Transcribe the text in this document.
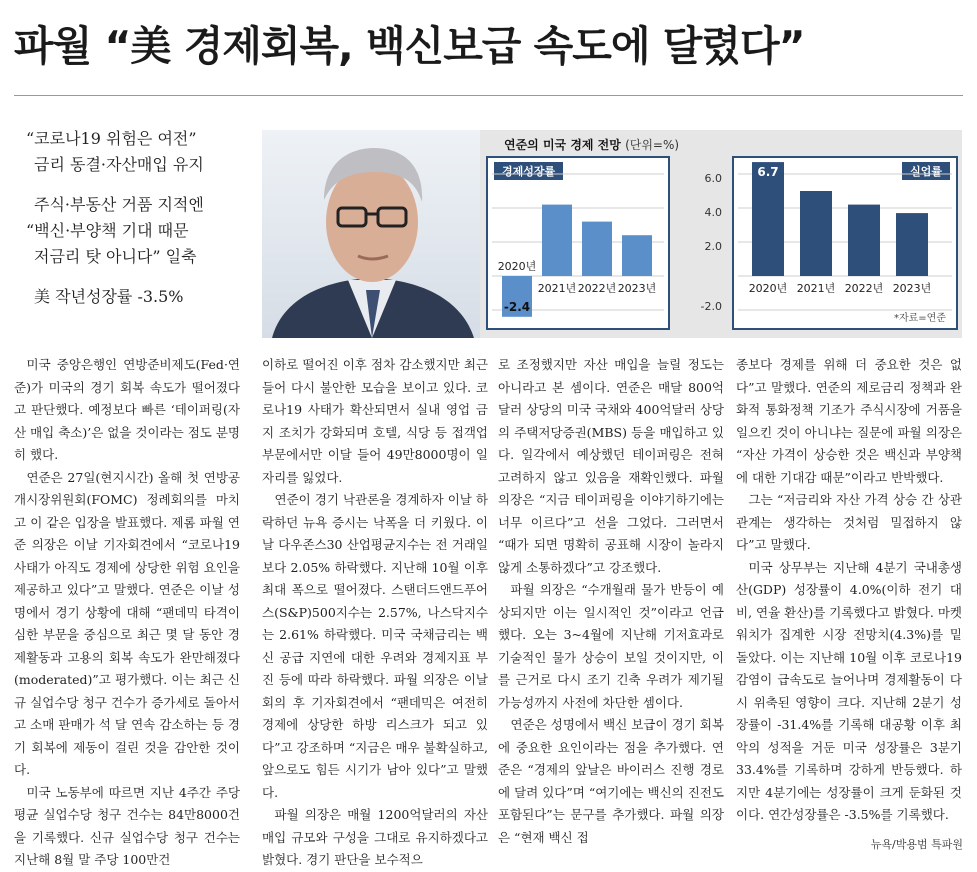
파월 “美 경제회복, 백신보급 속도에 달렸다”
“코로나19 위험은 여전”
금리 동결·자산매입 유지
주식·부동산 거품 지적엔
“백신·부양책 기대 때문
저금리 탓 아니다” 일축
美 작년성장률 -3.5%
연준의 미국 경제 전망 (단위=%)
경제성장률
2020년
-2.4
2021년 2022년 2023년
6.0
4.0
2.0
-2.0
실업률
2020년
6.7
2021년 2022년 2023년
*자료=연준

미국 중앙은행인 연방준비제도(Fed·연준)가 미국의 경기 회복 속도가 떨어졌다고 판단했다. 예정보다 빠른 ‘테이퍼링(자산 매입 축소)’은 없을 것이라는 점도 분명히 했다.

연준은 27일(현지시간) 올해 첫 연방공개시장위원회(FOMC) 정례회의를 마치고 이 같은 입장을 발표했다. 제롬 파월 연준 의장은 이날 기자회견에서 “코로나19 사태가 아직도 경제에 상당한 위험 요인을 제공하고 있다”고 말했다. 연준은 이날 성명에서 경기 상황에 대해 “팬데믹 타격이 심한 부문을 중심으로 최근 몇 달 동안 경제활동과 고용의 회복 속도가 완만해졌다(moderated)”고 평가했다. 이는 최근 신규 실업수당 청구 건수가 증가세로 돌아서고 소매 판매가 석 달 연속 감소하는 등 경기 회복에 제동이 걸린 것을 감안한 것이다.

미국 노동부에 따르면 지난 4주간 주당 평균 실업수당 청구 건수는 84만8000건을 기록했다. 신규 실업수당 청구 건수는 지난해 8월 말 주당 100만건

이하로 떨어진 이후 점차 감소했지만 최근 들어 다시 불안한 모습을 보이고 있다. 코로나19 사태가 확산되면서 실내 영업 금지 조치가 강화되며 호텔, 식당 등 접객업 부문에서만 이달 들어 49만8000명이 일자리를 잃었다.

연준이 경기 낙관론을 경계하자 이날 하락하던 뉴욕 증시는 낙폭을 더 키웠다. 이날 다우존스30 산업평균지수는 전 거래일보다 2.05% 하락했다. 지난해 10월 이후 최대 폭으로 떨어졌다. 스탠더드앤드푸어스(S&P)500지수는 2.57%, 나스닥지수는 2.61% 하락했다. 미국 국채금리는 백신 공급 지연에 대한 우려와 경제지표 부진 등에 따라 하락했다. 파월 의장은 이날 회의 후 기자회견에서 “팬데믹은 여전히 경제에 상당한 하방 리스크가 되고 있다”고 강조하며 “지금은 매우 불확실하고, 앞으로도 힘든 시기가 남아 있다”고 말했다.

파월 의장은 매월 1200억달러의 자산 매입 규모와 구성을 그대로 유지하겠다고 밝혔다. 경기 판단을 보수적으

로 조정했지만 자산 매입을 늘릴 정도는 아니라고 본 셈이다. 연준은 매달 800억달러 상당의 미국 국채와 400억달러 상당의 주택저당증권(MBS) 등을 매입하고 있다. 일각에서 예상했던 테이퍼링은 전혀 고려하지 않고 있음을 재확인했다. 파월 의장은 “지금 테이퍼링을 이야기하기에는 너무 이르다”고 선을 그었다. 그러면서 “때가 되면 명확히 공표해 시장이 놀라지 않게 소통하겠다”고 강조했다.

파월 의장은 “수개월래 물가 반등이 예상되지만 이는 일시적인 것”이라고 언급했다. 오는 3~4월에 지난해 기저효과로 기술적인 물가 상승이 보일 것이지만, 이를 근거로 다시 조기 긴축 우려가 제기될 가능성까지 사전에 차단한 셈이다.

연준은 성명에서 백신 보급이 경기 회복에 중요한 요인이라는 점을 추가했다. 연준은 “경제의 앞날은 바이러스 진행 경로에 달려 있다”며 “여기에는 백신의 진전도 포함된다”는 문구를 추가했다. 파월 의장은 “현재 백신 접

종보다 경제를 위해 더 중요한 것은 없다”고 말했다. 연준의 제로금리 정책과 완화적 통화정책 기조가 주식시장에 거품을 일으킨 것이 아니냐는 질문에 파월 의장은 “자산 가격이 상승한 것은 백신과 부양책에 대한 기대감 때문”이라고 반박했다.

그는 “저금리와 자산 가격 상승 간 상관관계는 생각하는 것처럼 밀접하지 않다”고 말했다.

미국 상무부는 지난해 4분기 국내총생산(GDP) 성장률이 4.0%(이하 전기 대비, 연율 환산)를 기록했다고 밝혔다. 마켓워치가 집계한 시장 전망치(4.3%)를 밑돌았다. 이는 지난해 10월 이후 코로나19 감염이 급속도로 늘어나며 경제활동이 다시 위축된 영향이 크다. 지난해 2분기 성장률이 -31.4%를 기록해 대공황 이후 최악의 성적을 거둔 미국 성장률은 3분기 33.4%를 기록하며 강하게 반등했다. 하지만 4분기에는 성장률이 크게 둔화된 것이다. 연간성장률은 -3.5%를 기록했다.

뉴욕/박용범 특파원
